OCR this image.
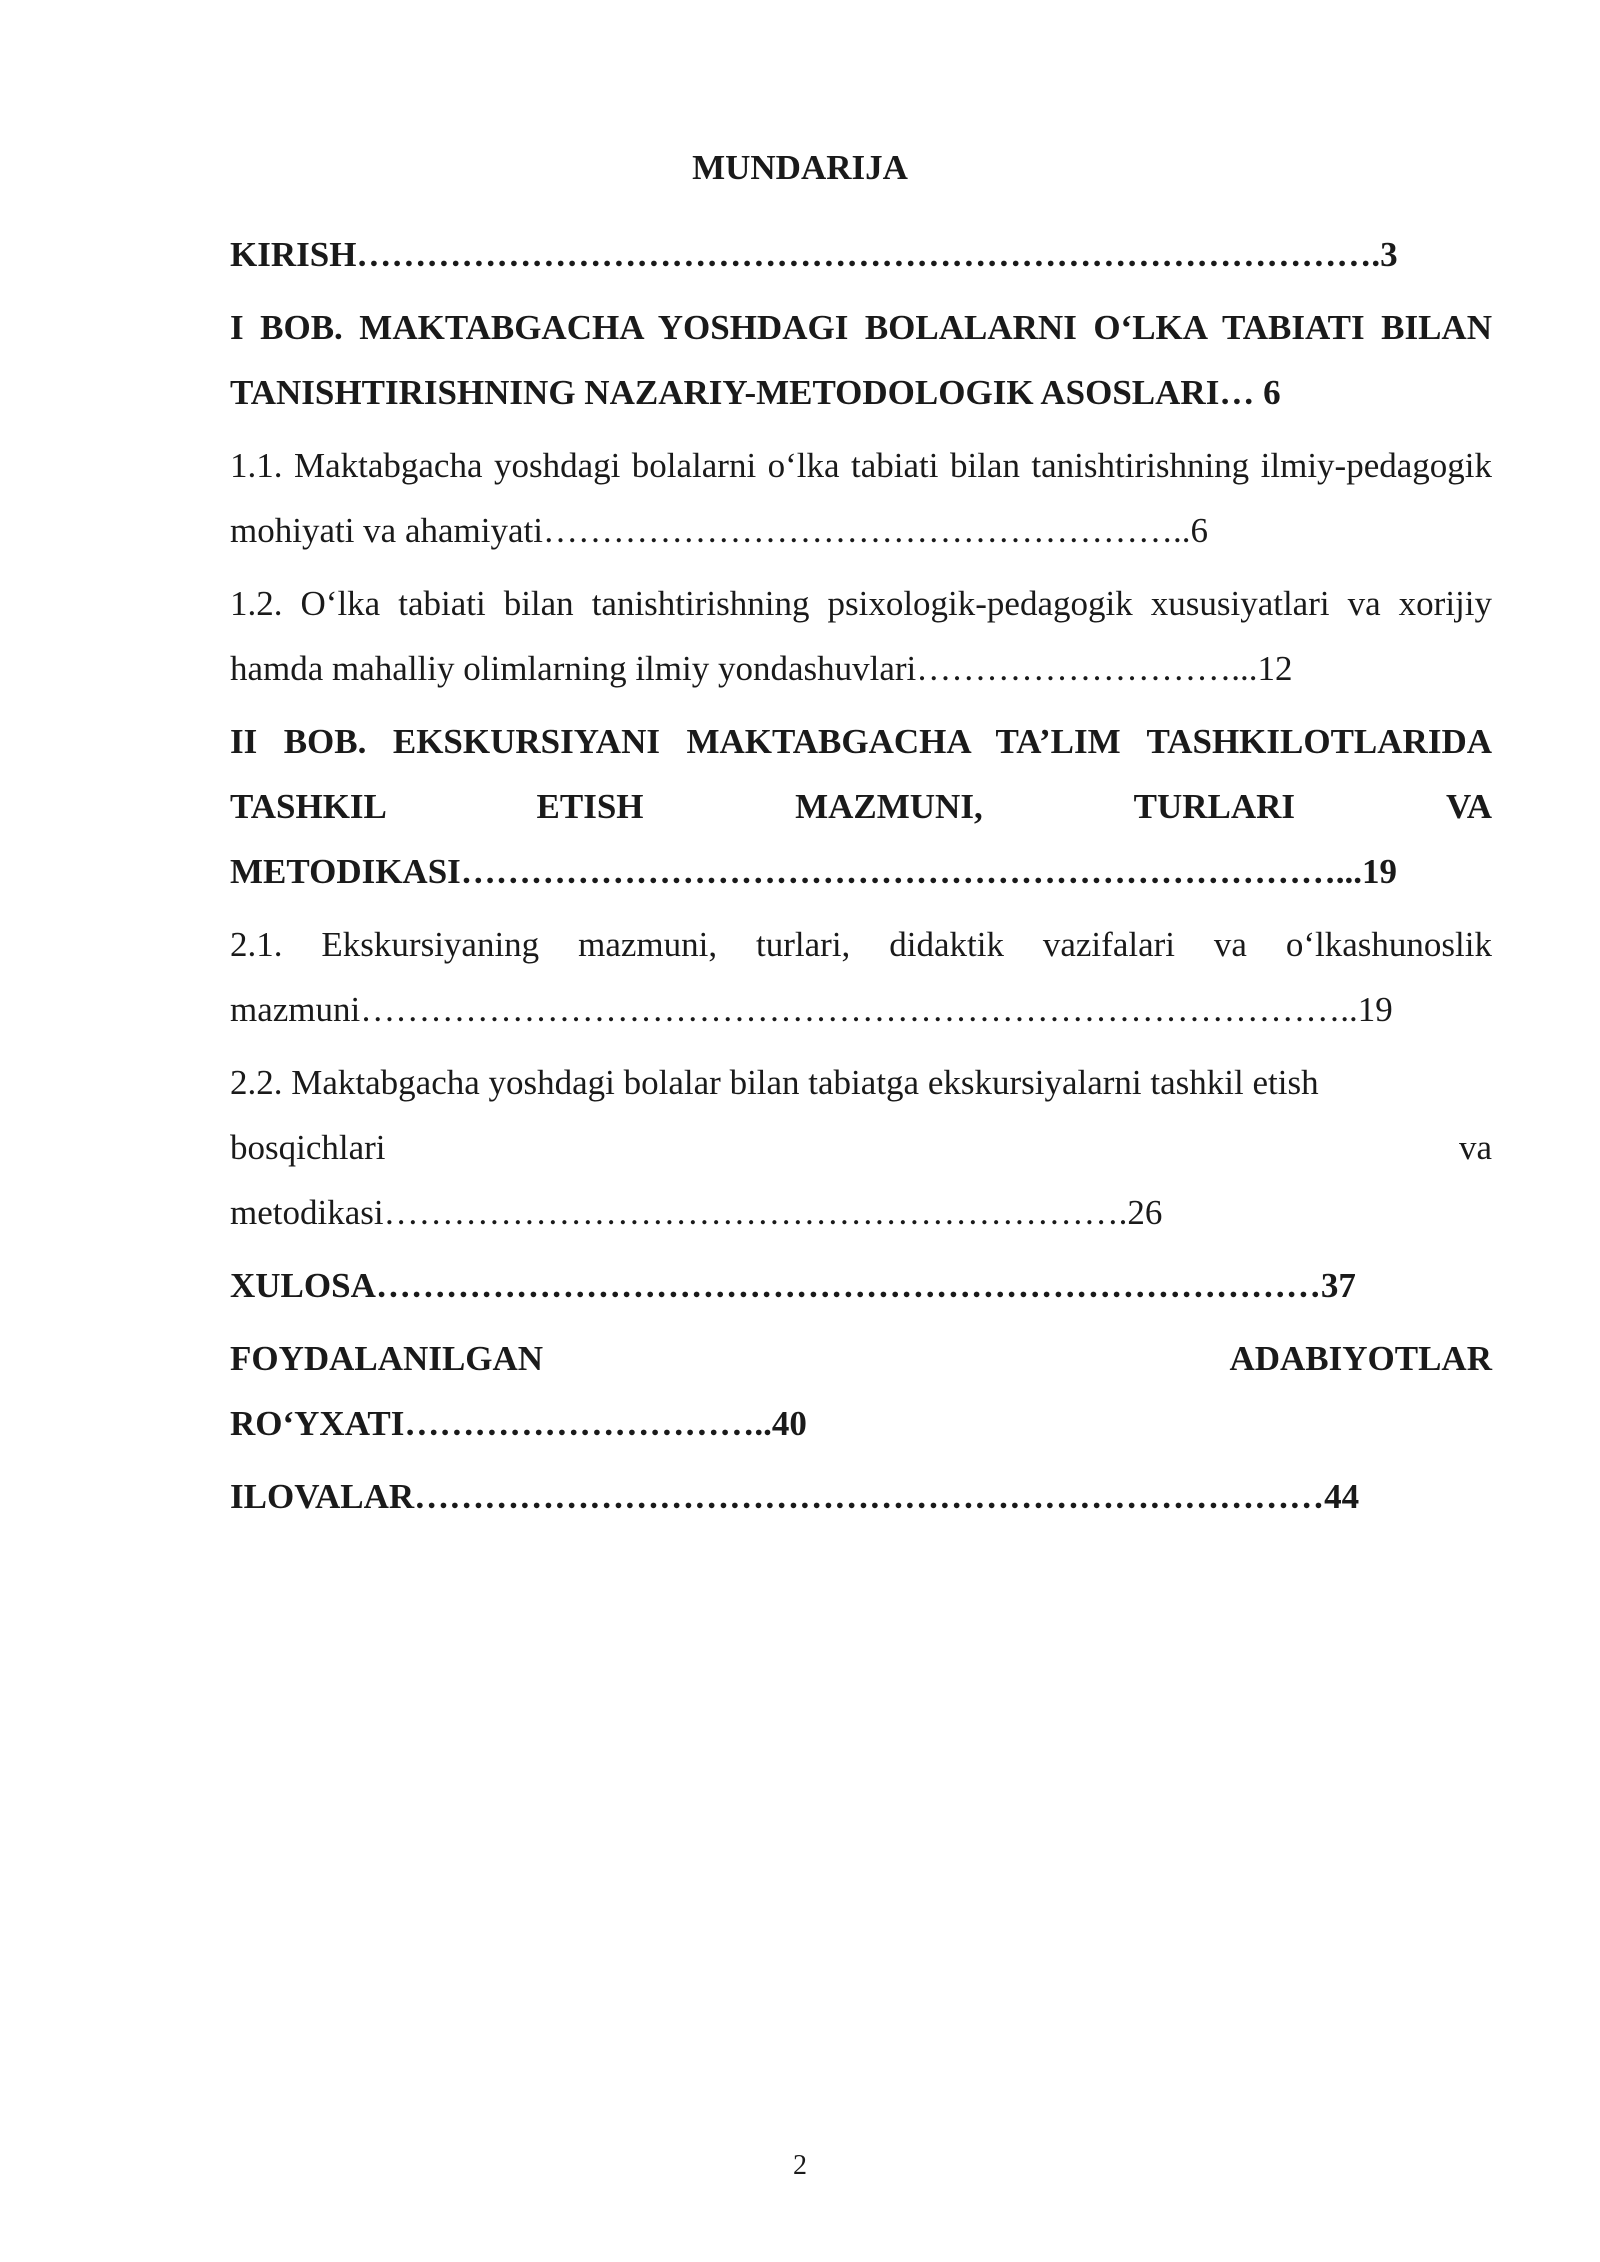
MUNDARIJA
KIRISH…………………………………………………………………………….3
I BOB. MAKTABGACHA YOSHDAGI BOLALARNI O‘LKA TABIATI BILAN TANISHTIRISHNING NAZARIY-METODOLOGIK ASOSLARI… 6
1.1. Maktabgacha yoshdagi bolalarni o‘lka tabiati bilan tanishtirishning ilmiy-pedagogik mohiyati va ahamiyati………………………………………………..6
1.2. O‘lka tabiati bilan tanishtirishning psixologik-pedagogik xususiyatlari va xorijiy hamda mahalliy olimlarning ilmiy yondashuvlari………………………...12
II BOB. EKSKURSIYANI MAKTABGACHA TA’LIM TASHKILOTLARIDA TASHKIL ETISH MAZMUNI, TURLARI VA METODIKASI…………………………………………………………………...19
2.1. Ekskursiyaning mazmuni, turlari, didaktik vazifalari va o‘lkashunoslik mazmuni…………………………………………………………………………..19
2.2. Maktabgacha yoshdagi bolalar bilan tabiatga ekskursiyalarni tashkil etish
bosqichlari	va
metodikasi……………………………………………………….26
XULOSA………………………………………………………………………37
FOYDALANILGAN	ADABIYOTLAR
RO‘YXATI…………………………..40
ILOVALAR……………………………………………………………………44
2
